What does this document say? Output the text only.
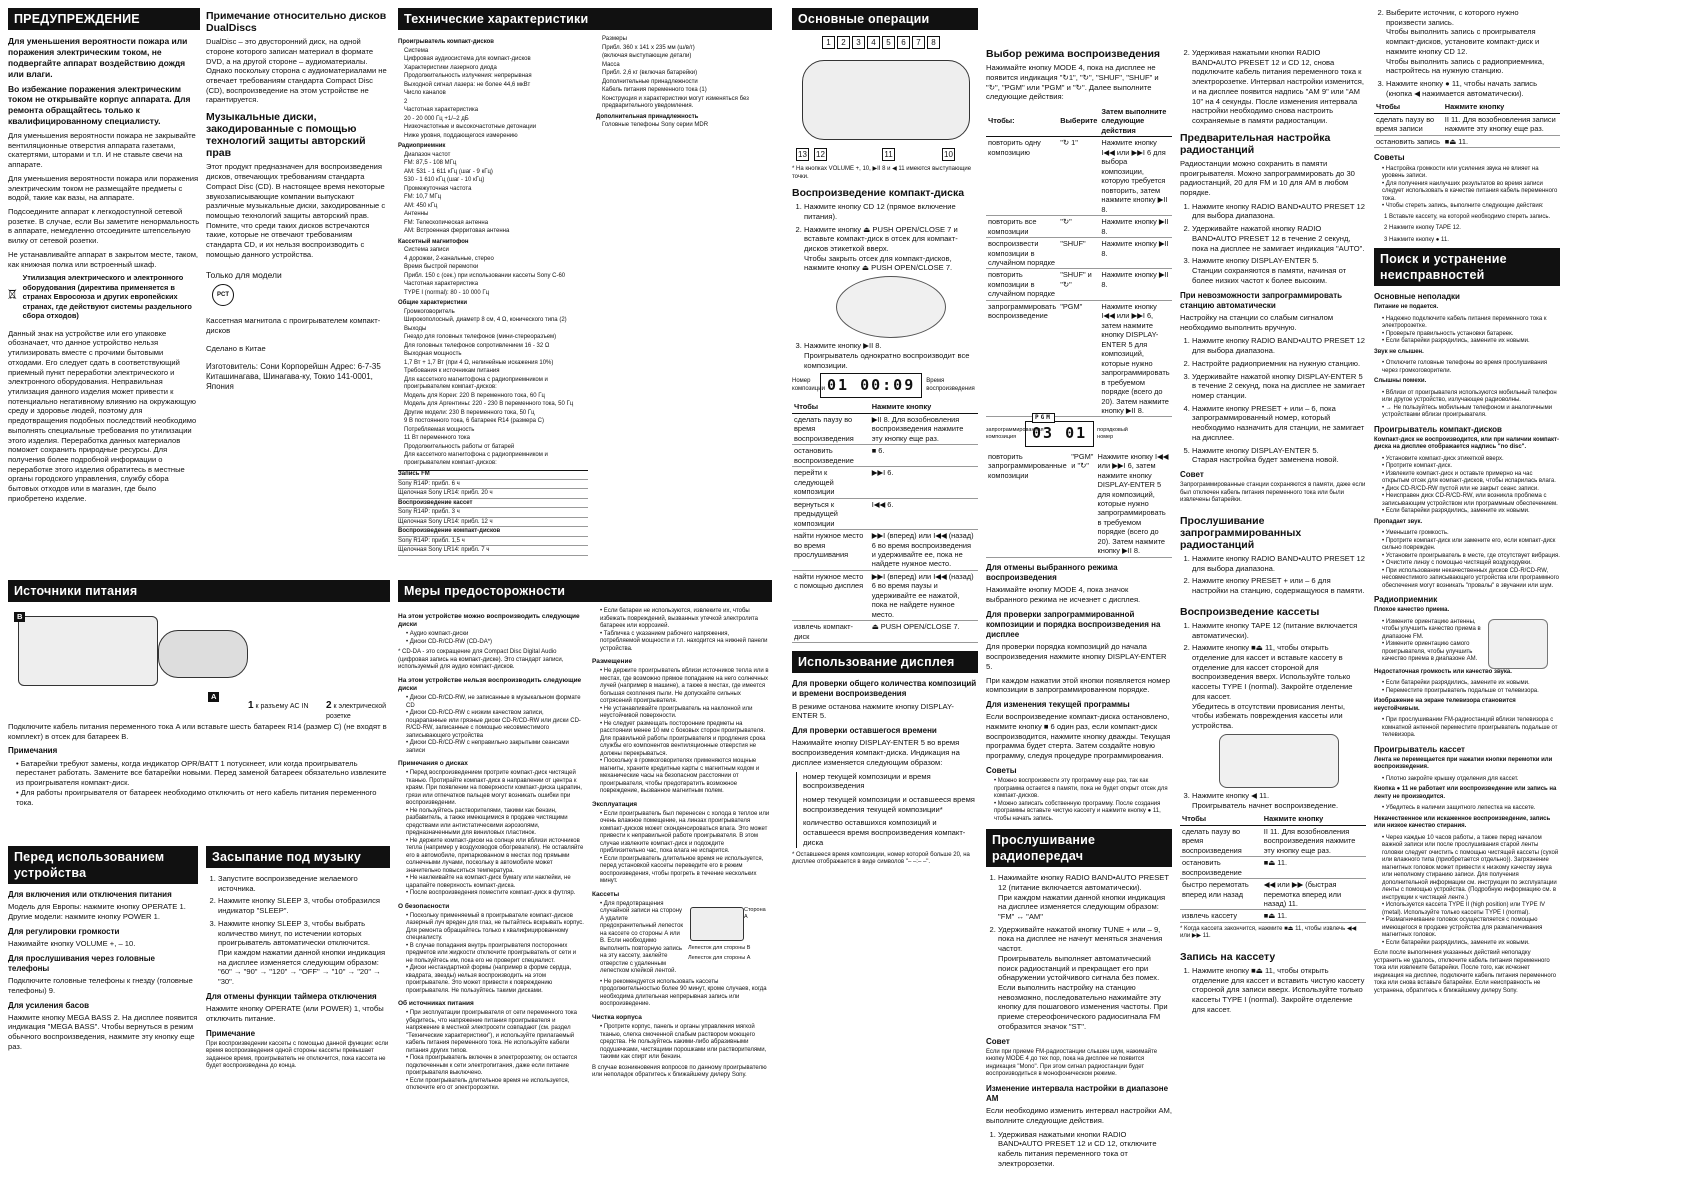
ПРЕДУПРЕЖДЕНИЕ

Для уменьшения вероятности пожара или поражения электрическим током, не подвергайте аппарат воздействию дождя или влаги.

Во избежание поражения электрическим током не открывайте корпус аппарата. Для ремонта обращайтесь только к квалифицированному специалисту.

Для уменьшения вероятности пожара не закрывайте вентиляционные отверстия аппарата газетами, скатертями, шторами и т.п. И не ставьте свечи на аппарате.

Для уменьшения вероятности пожара или поражения электрическим током не размещайте предметы с водой, такие как вазы, на аппарате.

Подсоедините аппарат к легкодоступной сетевой розетке. В случае, если Вы заметите ненормальность в аппарате, немедленно отсоедините штепсельную вилку от сетевой розетки.

Не устанавливайте аппарат в закрытом месте, таком, как книжная полка или встроенный шкаф.

Утилизация электрического и электронного оборудования (директива применяется в странах Евросоюза и других европейских странах, где действуют системы раздельного сбора отходов)

Данный знак на устройстве или его упаковке обозначает, что данное устройство нельзя утилизировать вместе с прочими бытовыми отходами. Его следует сдать в соответствующий приемный пункт переработки электрического и электронного оборудования. Неправильная утилизация данного изделия может привести к потенциально негативному влиянию на окружающую среду и здоровье людей, поэтому для предотвращения подобных последствий необходимо выполнять специальные требования по утилизации этого изделия. Переработка данных материалов поможет сохранить природные ресурсы. Для получения более подробной информации о переработке этого изделия обратитесь в местные органы городского управления, службу сбора бытовых отходов или в магазин, где было приобретено изделие.

Примечание относительно дисков DualDiscs

DualDisc – это двусторонний диск, на одной стороне которого записан материал в формате DVD, а на другой стороне – аудиоматериалы. Однако поскольку сторона с аудиоматериалами не отвечает требованиям стандарта Compact Disc (CD), воспроизведение на этом устройстве не гарантируется.

Музыкальные диски, закодированные с помощью технологий защиты авторский прав

Этот продукт предназначен для воспроизведения дисков, отвечающих требованиям стандарта Compact Disc (CD). В настоящее время некоторые звукозаписывающие компании выпускают различные музыкальные диски, закодированные с помощью технологий защиты авторский прав. Помните, что среди таких дисков встречаются такие, которые не отвечают требованиям стандарта CD, и их нельзя воспроизводить с помощью данного устройства.

Только для модели

PCT

Кассетная магнитола с проигрывателем компакт-дисков

Сделано в Китае

Изготовитель: Сони Корпорейшн Адрес: 6-7-35 Киташинагава, Шинагава-ку, Токио 141-0001, Япония

Технические характеристики

Проигрыватель компакт-дисков

Система

Цифровая аудиосистема для компакт-дисков

Характеристики лазерного диода

Продолжительность излучения: непрерывная

Выходной сигнал лазера: не более 44,6 мкВт

Число каналов

2

Частотная характеристика

20 - 20 000 Гц +1/–2 дБ

Низкочастотные и высокочастотные детонации

Ниже уровня, поддающегося измерению

Радиоприемник

Диапазон частот

FM: 87,5 - 108 МГц

AM: 531 - 1 611 кГц (шаг - 9 кГц)

530 - 1 610 кГц (шаг - 10 кГц)

Промежуточная частота

FM: 10,7 МГц

AM: 450 кГц

Антенны

FM: Телескопическая антенна

AM: Встроенная ферритовая антенна

Кассетный магнитофон

Система записи

4 дорожки, 2-канальные, стерео

Время быстрой перемотки

Прибл. 150 с (сек.) при использовании кассеты Sony C-60

Частотная характеристика

TYPE I (normal): 80 - 10 000 Гц

Общие характеристики

Громкоговоритель

Широкополосный, диаметр 8 см, 4 Ω, конического типа (2)

Выходы

Гнездо для головных телефонов (мини-стереоразъем)

Для головных телефонов сопротивлением 16 - 32 Ω

Выходная мощность

1,7 Вт + 1,7 Вт (при 4 Ω, нелинейные искажения 10%)

Требования к источникам питания

Для кассетного магнитофона с радиоприемником и проигрывателем компакт-дисков:

Модель для Кореи: 220 В переменного тока, 60 Гц

Модель для Аргентины: 220 - 230 В переменного тока, 50 Гц

Другие модели: 230 В переменного тока, 50 Гц

9 В постоянного тока, 6 батареек R14 (размера C)

Потребляемая мощность

11 Вт переменного тока

Продолжительность работы от батарей

Для кассетного магнитофона с радиоприемником и проигрывателем компакт-дисков:

Запись FM

Sony R14P: прибл. 6 ч

Щелочная Sony LR14: прибл. 20 ч

Воспроизведение кассет

Sony R14P: прибл. 3 ч

Щелочная Sony LR14: прибл. 12 ч

Воспроизведение компакт-дисков

Sony R14P: прибл. 1,5 ч

Щелочная Sony LR14: прибл. 7 ч

Размеры

Прибл. 360 x 141 x 235 мм (ш/в/г)

(включая выступающие детали)

Масса

Прибл. 2,6 кг (включая батарейки)

Дополнительные принадлежности

Кабель питания переменного тока (1)

Конструкция и характеристики могут изменяться без предварительного уведомления.

Дополнительная принадлежность

Головные телефоны Sony серии MDR

Источники питания
B
A
1 к разъему AC IN 2 к электрической розетке

Подключите кабель питания переменного тока A или вставьте шесть батареек R14 (размер C) (не входят в комплект) в отсек для батареек B.

Примечания
• Батарейки требуют замены, когда индикатор OPR/BATT 1 потускнеет, или когда проигрыватель перестанет работать. Замените все батарейки новыми. Перед заменой батареек обязательно извлеките из проигрывателя компакт-диск.
• Для работы проигрывателя от батареек необходимо отключить от него кабель питания переменного тока.
Перед использованием устройства
Для включения или отключения питания

Модель для Европы: нажмите кнопку OPERATE 1. Другие модели: нажмите кнопку POWER 1.

Для регулировки громкости

Нажимайте кнопку VOLUME +, – 10.

Для прослушивания через головные телефоны

Подключите головные телефоны к гнезду (головные телефоны) 9.

Для усиления басов

Нажмите кнопку MEGA BASS 2. На дисплее появится индикация "MEGA BASS". Чтобы вернуться в режим обычного воспроизведения, нажмите эту кнопку еще раз.

Засыпание под музыку
1. Запустите воспроизведение желаемого источника.
2. Нажмите кнопку SLEEP 3, чтобы отобразился индикатор "SLEEP".
3. Нажмите кнопку SLEEP 3, чтобы выбрать количество минут, по истечении которых проигрыватель автоматически отключится.
При каждом нажатии данной кнопки индикация на дисплее изменяется следующим образом: "60" → "90" → "120" → "OFF" → "10" → "20" → "30".
Для отмены функции таймера отключения

Нажмите кнопку OPERATE (или POWER) 1, чтобы отключить питание.

Примечание

При воспроизведении кассеты с помощью данной функции: если время воспроизведения одной стороны кассеты превышает заданное время, проигрыватель не отключится, пока кассета не будет воспроизведена до конца.

Меры предосторожности
На этом устройстве можно воспроизводить следующие диски
• Аудио компакт-диски
• Диски CD-R/CD-RW (CD-DA*)

* CD-DA - это сокращение для Compact Disc Digital Audio (цифровая запись на компакт-диске). Это стандарт записи, используемый для аудио компакт-дисков.

На этом устройстве нельзя воспроизводить следующие диски
• Диски CD-R/CD-RW, не записанные в музыкальном формате CD
• Диски CD-R/CD-RW с низким качеством записи, поцарапанные или грязные диски CD-R/CD-RW или диски CD-R/CD-RW, записанные с помощью несовместимого записывающего устройства
• Диски CD-R/CD-RW с неправильно закрытыми сеансами записи
Примечания о дисках
• Перед воспроизведением протрите компакт-диск чистящей тканью. Протирайте компакт-диск в направлении от центра к краям. При появлении на поверхности компакт-диска царапин, грязи или отпечатков пальцев могут возникать ошибки при воспроизведении.
• Не пользуйтесь растворителями, такими как бензин, разбавитель, а также имеющимися в продаже чистящими средствами или антистатическими аэрозолями, предназначенными для виниловых пластинок.
• Не держите компакт-диски на солнце или вблизи источников тепла (например у воздуховодов обогревателя). Не оставляйте его в автомобиле, припаркованном в местах под прямыми солнечными лучами, поскольку в автомобиле может значительно повыситься температура.
• Не наклеивайте на компакт-диск бумагу или наклейки, не царапайте поверхность компакт-диска.
• После воспроизведения поместите компакт-диск в футляр.
О безопасности
• Поскольку применяемый в проигрывателе компакт-дисков лазерный луч вреден для глаз, не пытайтесь вскрывать корпус. Для ремонта обращайтесь только к квалифицированному специалисту.
• В случае попадания внутрь проигрывателя посторонних предметов или жидкости отключите проигрыватель от сети и не пользуйтесь им, пока его не проверит специалист.
• Диски нестандартной формы (например в форме сердца, квадрата, звезды) нельзя воспроизводить на этом проигрывателе. Это может привести к повреждению проигрывателя. Не пользуйтесь такими дисками.
Об источниках питания
• При эксплуатации проигрывателя от сети переменного тока убедитесь, что напряжение питания проигрывателя и напряжение в местной электросети совпадают (см. раздел "Технические характеристики"), и используйте прилагаемый кабель питания переменного тока. Не используйте кабели питания других типов.
• Пока проигрыватель включен в электророзетку, он остается подключенным к сети электропитания, даже если питание проигрывателя выключено.
• Если проигрыватель длительное время не используется, отключите его от электророзетки.
• Если батареи не используются, извлеките их, чтобы избежать повреждений, вызванных утечкой электролита батареек или коррозией.
• Табличка с указанием рабочего напряжения, потребляемой мощности и т.п. находится на нижней панели устройства.
Размещение
• Не держите проигрыватель вблизи источников тепла или в местах, где возможно прямое попадание на него солнечных лучей (например в машине), а также в местах, где имеется большая скопления пыли. Не допускайте сильных сотрясений проигрывателя.
• Не устанавливайте проигрыватель на наклонной или неустойчивой поверхности.
• Не следует размещать посторонние предметы на расстоянии менее 10 мм с боковых сторон проигрывателя. Для правильной работы проигрывателя и продления срока службы его компонентов вентиляционные отверстия не должны перекрываться.
• Поскольку в громкоговорителях применяются мощные магниты, храните кредитные карты с магнитным кодом и механические часы на безопасном расстоянии от проигрывателя, чтобы предотвратить возможное повреждение, вызванное магнитным полем.
Эксплуатация
• Если проигрыватель был перенесен с холода в теплое или очень влажное помещение, на линзах проигрывателя компакт-дисков может сконденсироваться влага. Это может привести к неправильной работе проигрывателя. В этом случае извлеките компакт-диск и подождите приблизительно час, пока влага не испарится.
• Если проигрыватель длительное время не используется, перед установкой кассеты переведите его в режим воспроизведения, чтобы прогреть в течение нескольких минут.
Кассеты
• Для предотвращения случайной записи на сторону A удалите предохранительный лепесток на кассете со стороны A или B. Если необходимо выполнить повторную запись на эту кассету, заклейте отверстие с удаленным лепестком клейкой лентой.
Сторона A
Лепесток для стороны B
Лепесток для стороны A
• Не рекомендуется использовать кассеты продолжительностью более 90 минут, кроме случаев, когда необходима длительная непрерывная запись или воспроизведение.
Чистка корпуса
• Протрите корпус, панель и органы управления мягкой тканью, слегка смоченной слабым раствором моющего средства. Не пользуйтесь какими-либо абразивными подушечками, чистящими порошками или растворителями, такими как спирт или бензин.

В случае возникновения вопросов по данному проигрывателю или неполадок обратитесь к ближайшему дилеру Sony.

Основные операции
1	2	3	4	5	6	7	8
13 12	11	10

* На кнопках VOLUME +, 10, ▶II 8 и ◀ 11 имеются выступающие точки.

Воспроизведение компакт-диска
1. Нажмите кнопку CD 12 (прямое включение питания).
2. Нажмите кнопку ⏏ PUSH OPEN/CLOSE 7 и вставьте компакт-диск в отсек для компакт-дисков этикеткой вверх.
Чтобы закрыть отсек для компакт-дисков, нажмите кнопку ⏏ PUSH OPEN/CLOSE 7.
3. Нажмите кнопку ▶II 8.
Проигрыватель однократно воспроизводит все композиции.
Номер композиции 01 00:09	Время воспроизведения
Чтобы	Нажмите кнопку
сделать паузу во время воспроизведения	▶II 8. Для возобновления воспроизведения нажмите эту кнопку еще раз.
остановить воспроизведение	■ 6.
перейти к следующей композиции	▶▶I 6.
вернуться к предыдущей композиции	I◀◀ 6.
найти нужное место во время прослушивания	▶▶I (вперед) или I◀◀ (назад) 6 во время воспроизведения и удерживайте ее, пока не найдете нужное место.
найти нужное место с помощью дисплея	▶▶I (вперед) или I◀◀ (назад) 6 во время паузы и удерживайте ее нажатой, пока не найдете нужное место.
извлечь компакт-диск	⏏ PUSH OPEN/CLOSE 7.
Использование дисплея
Для проверки общего количества композиций и времени воспроизведения

В режиме останова нажмите кнопку DISPLAY-ENTER 5.

Для проверки оставшегося времени

Нажимайте кнопку DISPLAY-ENTER 5 во время воспроизведения компакт-диска. Индикация на дисплее изменяется следующим образом:

номер текущей композиции и время воспроизведения

номер текущей композиции и оставшееся время воспроизведения текущей композиции*

количество оставшихся композиций и оставшееся время воспроизведения компакт-диска

* Оставшееся время композиции, номер которой больше 20, на дисплее отображается в виде символов "– –:– –".

Выбор режима воспроизведения

Нажимайте кнопку MODE 4, пока на дисплее не появится индикация "↻1", "↻", "SHUF", "SHUF" и "↻", "PGM" или "PGM" и "↻". Далее выполните следующие действия:

Чтобы:	Выберите	Затем выполните следующие действия
повторить одну композицию	"↻ 1"	Нажмите кнопку I◀◀ или ▶▶I 6 для выбора композиции, которую требуется повторить, затем нажмите кнопку ▶II 8.
повторить все композиции	"↻"	Нажмите кнопку ▶II 8.
воспроизвести композиции в случайном порядке	"SHUF"	Нажмите кнопку ▶II 8.
повторить композиции в случайном порядке	"SHUF" и "↻"	Нажмите кнопку ▶II 8.
запрограммировать воспроизведение	"PGM"	Нажмите кнопку I◀◀ или ▶▶I 6, затем нажмите кнопку DISPLAY-ENTER 5 для композиций, которые нужно запрограммировать в требуемом порядке (всего до 20). Затем нажмите кнопку ▶II 8.
запрограммированная композиция
PGM
03 01	порядковый номер
повторить запрограммированные композиции	"PGM" и "↻"	Нажмите кнопку I◀◀ или ▶▶I 6, затем нажмите кнопку DISPLAY-ENTER 5 для композиций, которые нужно запрограммировать в требуемом порядке (всего до 20). Затем нажмите кнопку ▶II 8.
Для отмены выбранного режима воспроизведения

Нажимайте кнопку MODE 4, пока значок выбранного режима не исчезнет с дисплея.

Для проверки запрограммированной композиции и порядка воспроизведения на дисплее

Для проверки порядка композиций до начала воспроизведения нажмите кнопку DISPLAY-ENTER 5.

При каждом нажатии этой кнопки появляется номер композиции в запрограммированном порядке.

Для изменения текущей программы

Если воспроизведение компакт-диска остановлено, нажмите кнопку ■ 6 один раз, если компакт-диск воспроизводится, нажмите кнопку дважды. Текущая программа будет стерта. Затем создайте новую программу, следуя процедуре программирования.

Советы
• Можно воспроизвести эту программу еще раз, так как программа остается в памяти, пока не будет открыт отсек для компакт-дисков.
• Можно записать собственную программу. После создания программы вставьте чистую кассету и нажмите кнопку ● 11, чтобы начать запись.
Прослушивание радиопередач
1. Нажимайте кнопку RADIO BAND•AUTO PRESET 12 (питание включается автоматически).
При каждом нажатии данной кнопки индикация на дисплее изменяется следующим образом: "FM" ↔ "AM"
2. Удерживайте нажатой кнопку TUNE + или – 9, пока на дисплее не начнут меняться значения частот.
Проигрыватель выполняет автоматический поиск радиостанций и прекращает его при обнаружении устойчивого сигнала без помех. Если выполнить настройку на станцию невозможно, последовательно нажимайте эту кнопку для пошагового изменения частоты. При приеме стереофонического радиосигнала FM отобразится значок "ST".
Совет

Если при приеме FM-радиостанции слышен шум, нажимайте кнопку MODE 4 до тех пор, пока на дисплее не появится индикация "Mono". При этом сигнал радиостанции будет воспроизводиться в монофоническом режиме.

Изменение интервала настройки в диапазоне AM

Если необходимо изменить интервал настройки AM, выполните следующие действия.

1. Удерживая нажатыми кнопки RADIO BAND•AUTO PRESET 12 и CD 12, отключите кабель питания переменного тока от электророзетки.
2. Удерживая нажатыми кнопки RADIO BAND•AUTO PRESET 12 и CD 12, снова подключите кабель питания переменного тока к электророзетке. Интервал настройки изменится, и на дисплее появится надпись "AM 9" или "AM 10" на 4 секунды. После изменения интервала настройки необходимо снова настроить сохраняемые в памяти радиостанции.
Предварительная настройка радиостанций

Радиостанции можно сохранить в памяти проигрывателя. Можно запрограммировать до 30 радиостанций, 20 для FM и 10 для AM в любом порядке.

1. Нажмите кнопку RADIO BAND•AUTO PRESET 12 для выбора диапазона.
2. Удерживайте нажатой кнопку RADIO BAND•AUTO PRESET 12 в течение 2 секунд, пока на дисплее не замигает индикация "AUTO".
3. Нажмите кнопку DISPLAY-ENTER 5.
Станции сохраняются в памяти, начиная от более низких частот к более высоким.
При невозможности запрограммировать станцию автоматически

Настройку на станции со слабым сигналом необходимо выполнить вручную.

1. Нажмите кнопку RADIO BAND•AUTO PRESET 12 для выбора диапазона.
2. Настройте радиоприемник на нужную станцию.
3. Удерживайте нажатой кнопку DISPLAY-ENTER 5 в течение 2 секунд, пока на дисплее не замигает номер станции.
4. Нажмите кнопку PRESET + или – 6, пока запрограммированный номер, который необходимо назначить для станции, не замигает на дисплее.
5. Нажмите кнопку DISPLAY-ENTER 5.
Старая настройка будет заменена новой.
Совет

Запрограммированные станции сохраняются в памяти, даже если был отключен кабель питания переменного тока или были извлечены батарейки.

Прослушивание запрограммированных радиостанций
1. Нажмите кнопку RADIO BAND•AUTO PRESET 12 для выбора диапазона.
2. Нажмите кнопку PRESET + или – 6 для настройки на станцию, содержащуюся в памяти.
Воспроизведение кассеты
1. Нажмите кнопку TAPE 12 (питание включается автоматически).
2. Нажмите кнопку ■⏏ 11, чтобы открыть отделение для кассет и вставьте кассету в отделение для кассет стороной для воспроизведения вверх. Используйте только кассеты TYPE I (normal). Закройте отделение для кассет.
Убедитесь в отсутствии провисания ленты, чтобы избежать повреждения кассеты или устройства.
3. Нажмите кнопку ◀ 11.
Проигрыватель начнет воспроизведение.
Чтобы	Нажмите кнопку
сделать паузу во время воспроизведения	II 11. Для возобновления воспроизведения нажмите эту кнопку еще раз.
остановить воспроизведение	■⏏ 11.
быстро перемотать вперед или назад	◀◀ или ▶▶ (быстрая перемотка вперед или назад) 11.
извлечь кассету	■⏏ 11.

* Когда кассета закончится, нажмите ■⏏ 11, чтобы извлечь ◀◀ или ▶▶ 11.

Запись на кассету
1. Нажмите кнопку ■⏏ 11, чтобы открыть отделение для кассет и вставить чистую кассету стороной для записи вверх. Используйте только кассеты TYPE I (normal). Закройте отделение для кассет.
2. Выберите источник, с которого нужно произвести запись.
Чтобы выполнить запись с проигрывателя компакт-дисков, установите компакт-диск и нажмите кнопку CD 12.
Чтобы выполнить запись с радиоприемника, настройтесь на нужную станцию.
3. Нажмите кнопку ● 11, чтобы начать запись (кнопка ◀ нажимается автоматически).
Чтобы	Нажмите кнопку
сделать паузу во время записи	II 11. Для возобновления записи нажмите эту кнопку еще раз.
остановить запись	■⏏ 11.
Советы
• Настройка громкости или усиления звука не влияет на уровень записи.
• Для получения наилучших результатов во время записи следует использовать в качестве питания кабель переменного тока.
• Чтобы стереть запись, выполните следующие действия:

1 Вставьте кассету, на которой необходимо стереть запись.

2 Нажмите кнопку TAPE 12.

3 Нажмите кнопку ● 11.

Поиск и устранение неисправностей
Основные неполадки

Питание не подается.

• Надежно подключите кабель питания переменного тока к электророзетке.
• Проверьте правильность установки батареек.
• Если батарейки разрядились, замените их новыми.

Звук не слышен.

• Отключите головные телефоны во время прослушивания через громкоговорители.

Слышны помехи.

• Вблизи от проигрывателя используются мобильный телефон или другое устройство, излучающее радиоволны.
• → Не пользуйтесь мобильным телефоном и аналогичными устройствами вблизи проигрывателя.
Проигрыватель компакт-дисков

Компакт-диск не воспроизводится, или при наличии компакт-диска на дисплее отображается надпись "no disc".

• Установите компакт-диск этикеткой вверх.
• Протрите компакт-диск.
• Извлеките компакт-диск и оставьте примерно на час открытым отсек для компакт-дисков, чтобы испарилась влага.
• Диск CD-R/CD-RW пустой или не закрыт сеанс записи.
• Неисправен диск CD-R/CD-RW, или возникла проблема с записывающим устройством или программным обеспечением.
• Если батарейки разрядились, замените их новыми.

Пропадает звук.

• Уменьшите громкость.
• Протрите компакт-диск или замените его, если компакт-диск сильно поврежден.
• Установите проигрыватель в месте, где отсутствует вибрация.
• Очистите линзу с помощью чистящей воздуходувки.
• При использовании некачественных дисков CD-R/CD-RW, несовместимого записывающего устройства или программного обеспечения могут возникать "провалы" в звучании или шум.
Радиоприемник

Плохое качество приема.

• Измените ориентацию антенны, чтобы улучшить качество приема в диапазоне FM.
• Измените ориентацию самого проигрывателя, чтобы улучшить качество приема в диапазоне AM.

Недостаточная громкость или качество звука.

• Если батарейки разрядились, замените их новыми.
• Переместите проигрыватель подальше от телевизора.

Изображение на экране телевизора становится неустойчивым.

• При прослушивании FM-радиостанций вблизи телевизора с комнатной антенной переместите проигрыватель подальше от телевизора.
Проигрыватель кассет

Лента не перемещается при нажатии кнопки перемотки или воспроизведения.

• Плотно закройте крышку отделения для кассет.

Кнопка ● 11 не работает или воспроизведение или запись на ленту не производится.

• Убедитесь в наличии защитного лепестка на кассете.

Некачественное или искаженное воспроизведение, запись или низкое качество стирания.

• Через каждые 10 часов работы, а также перед началом важной записи или после прослушивания старой ленты головки следует очистить с помощью чистящей кассеты (сухой или влажного типа (приобретается отдельно)). Загрязнение магнитных головок может привести к низкому качеству звука или неполному стиранию записи. Для получения дополнительной информации см. инструкции по эксплуатации ленты с помощью устройства. (Подробную информацию см. в инструкции к чистящей ленте.)
• Используется кассета TYPE II (high position) или TYPE IV (metal). Используйте только кассеты TYPE I (normal).
• Размагничивание головок осуществляется с помощью имеющегося в продаже устройства для размагничивания магнитных головок.
• Если батарейки разрядились, замените их новыми.

Если после выполнения указанных действий неполадку устранить не удалось, отключите кабель питания переменного тока или извлеките батарейки. После того, как исчезнет индикация на дисплее, подключите кабель питания переменного тока или снова вставьте батарейки. Если неисправность не устранена, обратитесь к ближайшему дилеру Sony.
